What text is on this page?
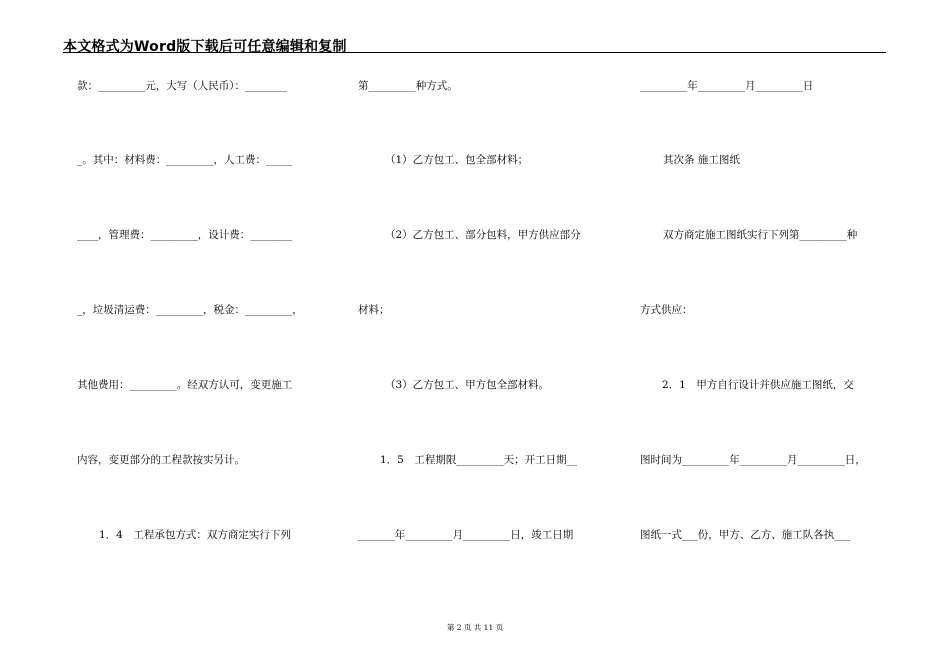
本文格式为Word版下载后可任意编辑和复制
款：_________元，大写（人民币）：________
_。其中：材料费：_________，人工费：_____
____，管理费：_________，设计费：________
_，垃圾清运费：_________，税金：_________，
其他费用：_________。经双方认可，变更施工
内容，变更部分的工程款按实另计。
1．4　工程承包方式：双方商定实行下列
第_________种方式。
（1）乙方包工、包全部材料；
（2）乙方包工、部分包料，甲方供应部分
材料；
（3）乙方包工、甲方包全部材料。
1．5　工程期限_________天；开工日期__
_______年_________月_________日，竣工日期
_________年_________月_________日
其次条 施工图纸
双方商定施工图纸实行下列第_________种
方式供应：
2．1　甲方自行设计并供应施工图纸，交
图时间为_________年_________月_________日，
图纸一式___份，甲方、乙方、施工队各执___
第 2 页 共 11 页
